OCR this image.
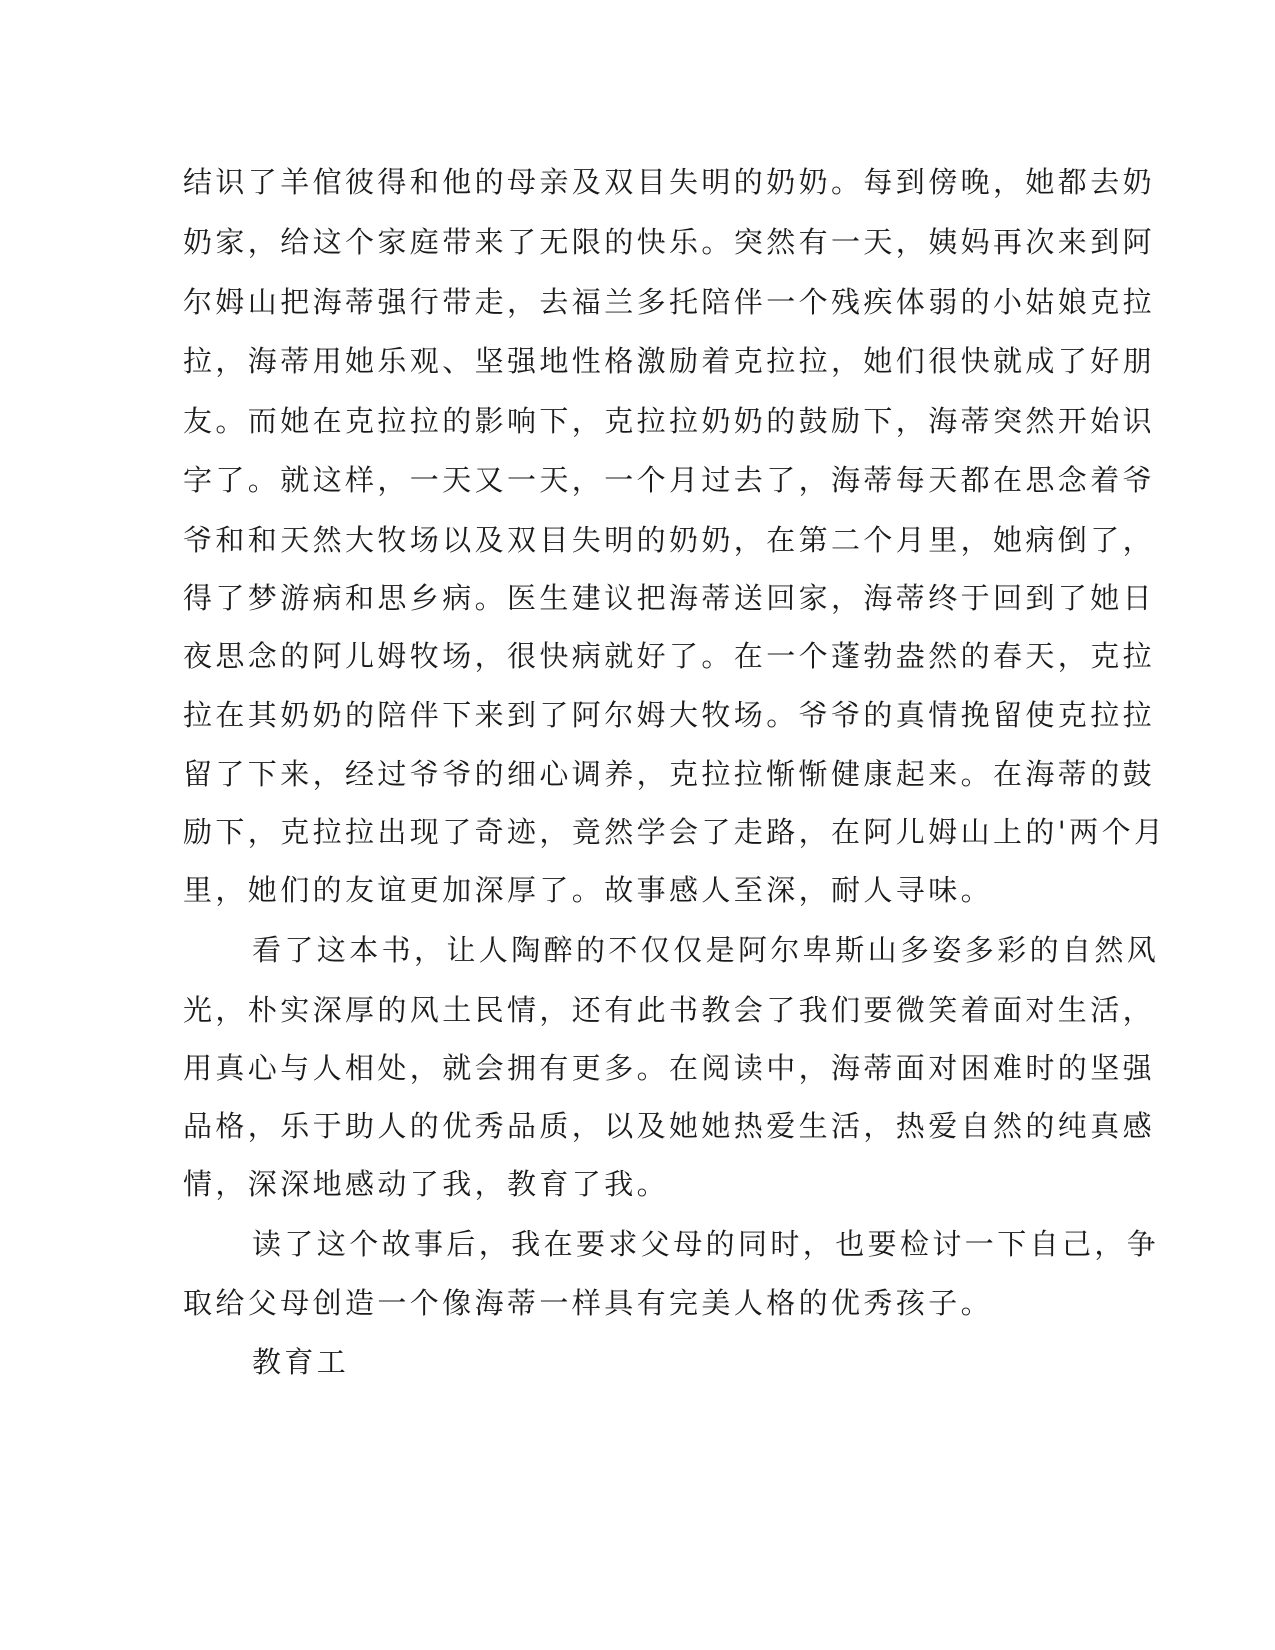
结识了羊倌彼得和他的母亲及双目失明的奶奶。每到傍晚，她都去奶
奶家，给这个家庭带来了无限的快乐。突然有一天，姨妈再次来到阿
尔姆山把海蒂强行带走，去福兰多托陪伴一个残疾体弱的小姑娘克拉
拉，海蒂用她乐观、坚强地性格激励着克拉拉，她们很快就成了好朋
友。而她在克拉拉的影响下，克拉拉奶奶的鼓励下，海蒂突然开始识
字了。就这样，一天又一天，一个月过去了，海蒂每天都在思念着爷
爷和和天然大牧场以及双目失明的奶奶，在第二个月里，她病倒了，
得了梦游病和思乡病。医生建议把海蒂送回家，海蒂终于回到了她日
夜思念的阿儿姆牧场，很快病就好了。在一个蓬勃盎然的春天，克拉
拉在其奶奶的陪伴下来到了阿尔姆大牧场。爷爷的真情挽留使克拉拉
留了下来，经过爷爷的细心调养，克拉拉惭惭健康起来。在海蒂的鼓
励下，克拉拉出现了奇迹，竟然学会了走路，在阿儿姆山上的'两个月
里，她们的友谊更加深厚了。故事感人至深，耐人寻味。
看了这本书，让人陶醉的不仅仅是阿尔卑斯山多姿多彩的自然风
光，朴实深厚的风土民情，还有此书教会了我们要微笑着面对生活，
用真心与人相处，就会拥有更多。在阅读中，海蒂面对困难时的坚强
品格，乐于助人的优秀品质，以及她她热爱生活，热爱自然的纯真感
情，深深地感动了我，教育了我。
读了这个故事后，我在要求父母的同时，也要检讨一下自己，争
取给父母创造一个像海蒂一样具有完美人格的优秀孩子。
教育工
